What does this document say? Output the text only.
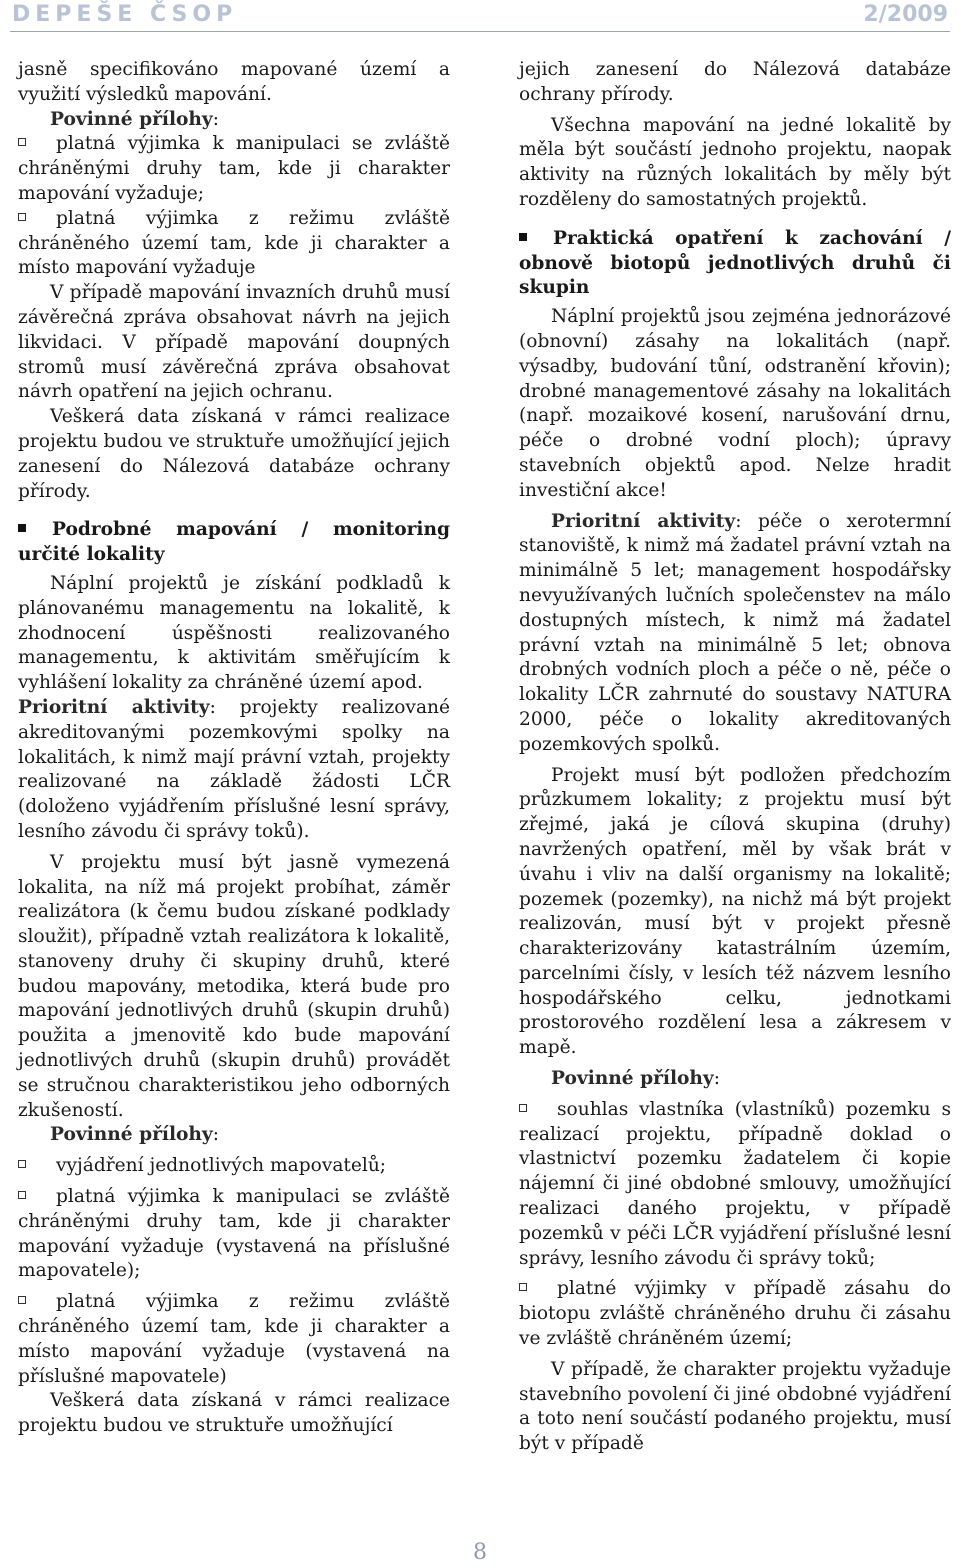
DEPEŠE ČSOP	2/2009

jasně specifikováno mapované území a využití výsledků mapování.

Povinné přílohy:

platná výjimka k manipulaci se zvláště chráněnými druhy tam, kde ji charakter mapování vyžaduje;

platná výjimka z režimu zvláště chráněného území tam, kde ji charakter a místo mapování vyžaduje

V případě mapování invazních druhů musí závěrečná zpráva obsahovat návrh na jejich likvidaci. V případě mapování doupných stromů musí závěrečná zpráva obsahovat návrh opatření na jejich ochranu.

Veškerá data získaná v rámci realizace projektu budou ve struktuře umožňující jejich zanesení do Nálezová databáze ochrany přírody.

Podrobné mapování / monitoring určité lokality

Náplní projektů je získání podkladů k plánovanému managementu na lokalitě, k zhodnocení úspěšnosti realizovaného managementu, k aktivitám směřujícím k vyhlášení lokality za chráněné území apod.

Prioritní aktivity: projekty realizované akreditovanými pozemkovými spolky na lokalitách, k nimž mají právní vztah, projekty realizované na základě žádosti LČR (doloženo vyjádřením příslušné lesní správy, lesního závodu či správy toků).

V projektu musí být jasně vymezená lokalita, na níž má projekt probíhat, záměr realizátora (k čemu budou získané podklady sloužit), případně vztah realizátora k lokalitě, stanoveny druhy či skupiny druhů, které budou mapovány, metodika, která bude pro mapování jednotlivých druhů (skupin druhů) použita a jmenovitě kdo bude mapování jednotlivých druhů (skupin druhů) provádět se stručnou charakteristikou jeho odborných zkušeností.

Povinné přílohy:

vyjádření jednotlivých mapovatelů;

platná výjimka k manipulaci se zvláště chráněnými druhy tam, kde ji charakter mapování vyžaduje (vystavená na příslušné mapovatele);

platná výjimka z režimu zvláště chráněného území tam, kde ji charakter a místo mapování vyžaduje (vystavená na příslušné mapovatele)

Veškerá data získaná v rámci realizace projektu budou ve struktuře umožňující

jejich zanesení do Nálezová databáze ochrany přírody.

Všechna mapování na jedné lokalitě by měla být součástí jednoho projektu, naopak aktivity na různých lokalitách by měly být rozděleny do samostatných projektů.

Praktická opatření k zachování / obnově biotopů jednotlivých druhů či skupin

Náplní projektů jsou zejména jednorázové (obnovní) zásahy na lokalitách (např. výsadby, budování tůní, odstranění křovin); drobné managementové zásahy na lokalitách (např. mozaikové kosení, narušování drnu, péče o drobné vodní ploch); úpravy stavebních objektů apod. Nelze hradit investiční akce!

Prioritní aktivity: péče o xerotermní stanoviště, k nimž má žadatel právní vztah na minimálně 5 let; management hospodářsky nevyužívaných lučních společenstev na málo dostupných místech, k nimž má žadatel právní vztah na minimálně 5 let; obnova drobných vodních ploch a péče o ně, péče o lokality LČR zahrnuté do soustavy NATURA 2000, péče o lokality akreditovaných pozemkových spolků.

Projekt musí být podložen předchozím průzkumem lokality; z projektu musí být zřejmé, jaká je cílová skupina (druhy) navržených opatření, měl by však brát v úvahu i vliv na další organismy na lokalitě; pozemek (pozemky), na nichž má být projekt realizován, musí být v projekt přesně charakterizovány katastrálním územím, parcelními čísly, v lesích též názvem lesního hospodářského celku, jednotkami prostorového rozdělení lesa a zákresem v mapě.

Povinné přílohy:

souhlas vlastníka (vlastníků) pozemku s realizací projektu, případně doklad o vlastnictví pozemku žadatelem či kopie nájemní či jiné obdobné smlouvy, umožňující realizaci daného projektu, v případě pozemků v péči LČR vyjádření příslušné lesní správy, lesního závodu či správy toků;

platné výjimky v případě zásahu do biotopu zvláště chráněného druhu či zásahu ve zvláště chráněném území;

V případě, že charakter projektu vyžaduje stavebního povolení či jiné obdobné vyjádření a toto není součástí podaného projektu, musí být v případě

8
